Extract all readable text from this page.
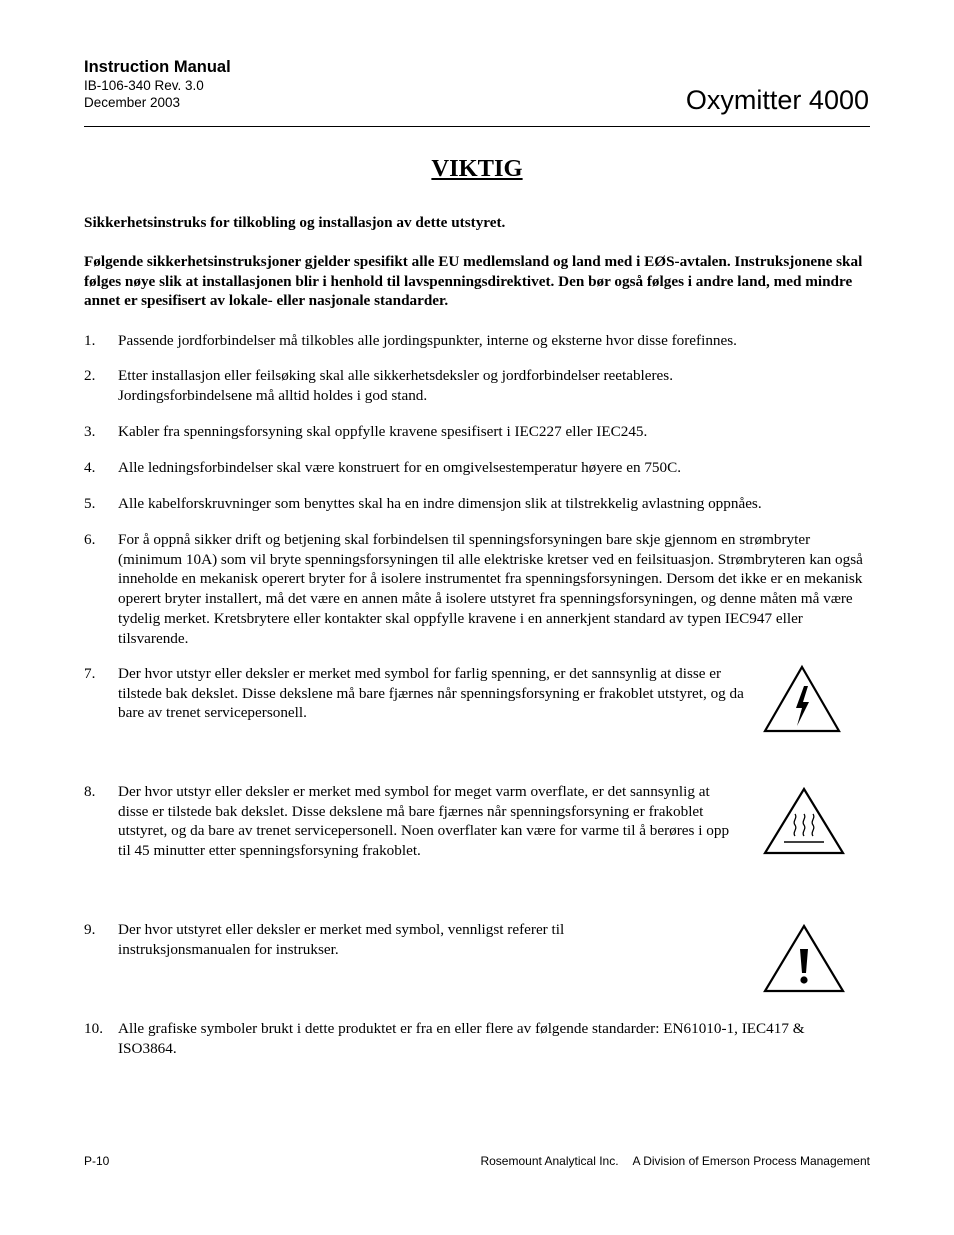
Instruction Manual
IB-106-340 Rev. 3.0
December 2003	Oxymitter 4000
VIKTIG
Sikkerhetsinstruks for tilkobling og installasjon av dette utstyret.
Følgende sikkerhetsinstruksjoner gjelder spesifikt alle EU medlemsland og land med i EØS-avtalen. Instruksjonene skal følges nøye slik at installasjonen blir i henhold til lavspenningsdirektivet. Den bør også følges i andre land, med mindre annet er spesifisert av lokale- eller nasjonale standarder.
1. Passende jordforbindelser må tilkobles alle jordingspunkter, interne og eksterne hvor disse forefinnes.
2. Etter installasjon eller feilsøking skal alle sikkerhetsdeksler og jordforbindelser reetableres. Jordingsforbindelsene må alltid holdes i god stand.
3. Kabler fra spenningsforsyning skal oppfylle kravene spesifisert i IEC227 eller IEC245.
4. Alle ledningsforbindelser skal være konstruert for en omgivelsestemperatur høyere en 750C.
5. Alle kabelforskruvninger som benyttes skal ha en indre dimensjon slik at tilstrekkelig avlastning oppnåes.
6. For å oppnå sikker drift og betjening skal forbindelsen til spenningsforsyningen bare skje gjennom en strømbryter (minimum 10A) som vil bryte spenningsforsyningen til alle elektriske kretser ved en feilsituasjon. Strømbryteren kan også inneholde en mekanisk operert bryter for å isolere instrumentet fra spenningsforsyningen. Dersom det ikke er en mekanisk operert bryter installert, må det være en annen måte å isolere utstyret fra spenningsforsyningen, og denne måten må være tydelig merket. Kretsbrytere eller kontakter skal oppfylle kravene i en annerkjent standard av typen IEC947 eller tilsvarende.
7. Der hvor utstyr eller deksler er merket med symbol for farlig spenning, er det sannsynlig at disse er tilstede bak dekslet. Disse dekslene må bare fjærnes når spenningsforsyning er frakoblet utstyret, og da bare av trenet servicepersonell.
8. Der hvor utstyr eller deksler er merket med symbol for meget varm overflate, er det sannsynlig at disse er tilstede bak dekslet. Disse dekslene må bare fjærnes når spenningsforsyning er frakoblet utstyret, og da bare av trenet servicepersonell. Noen overflater kan være for varme til å berøres i opp til 45 minutter etter spenningsforsyning frakoblet.
9. Der hvor utstyret eller deksler er merket med symbol, vennligst referer til instruksjonsmanualen for instrukser.
10. Alle grafiske symboler brukt i dette produktet er fra en eller flere av følgende standarder: EN61010-1, IEC417 & ISO3864.
P-10	Rosemount Analytical Inc. A Division of Emerson Process Management
